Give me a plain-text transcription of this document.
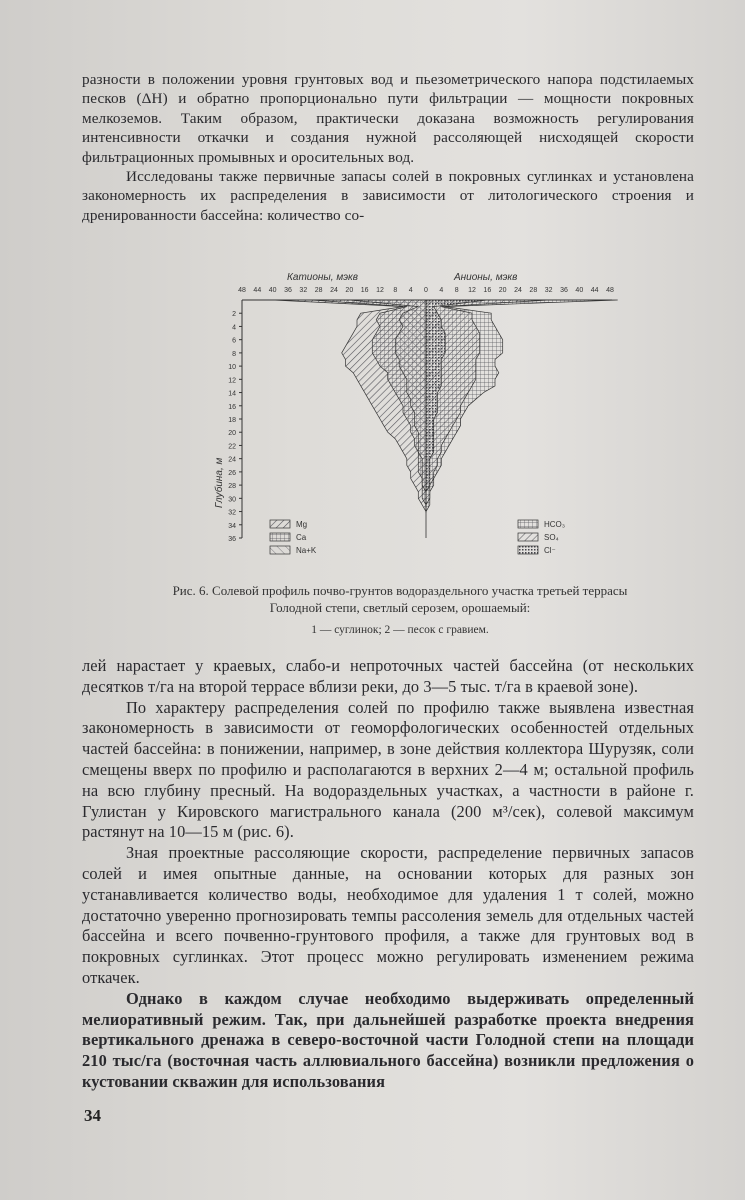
разности в положении уровня грунтовых вод и пьезометрического напора подстилаемых песков (ΔH) и обратно пропорционально пути фильтрации — мощности покровных мелкоземов. Таким образом, практически доказана возможность регулирования интенсивности откачки и создания нужной рассоляющей нисходящей скорости фильтрационных промывных и оросительных вод.

Исследованы также первичные запасы солей в покровных суглинках и установлена закономерность их распределения в зависимости от литологического строения и дренированности бассейна: количество со-

Катионы, мэкв	Анионы, мэкв
Глубина, м
48 44 40 36 32 28 24 20 16 12 8 4 0 4 8 12 16 20 24 28 32 36 40 44 48
2
4
6
8
10
12
14
16
18
20
22
24
26
28
30
32
34
36
Mg
Ca
Na+K
HCO₃
SO₄
Cl⁻
Рис. 6. Солевой профиль почво-грунтов водораздельного участка третьей террасы Голодной степи, светлый серозем, орошаемый:
1 — суглинок; 2 — песок с гравием.

лей нарастает у краевых, слабо-и непроточных частей бассейна (от нескольких десятков т/га на второй террасе вблизи реки, до 3—5 тыс. т/га в краевой зоне).

По характеру распределения солей по профилю также выявлена известная закономерность в зависимости от геоморфологических особенностей отдельных частей бассейна: в понижении, например, в зоне действия коллектора Шурузяк, соли смещены вверх по профилю и располагаются в верхних 2—4 м; остальной профиль на всю глубину пресный. На водораздельных участках, а частности в районе г. Гулистан у Кировского магистрального канала (200 м³/сек), солевой максимум растянут на 10—15 м (рис. 6).

Зная проектные рассоляющие скорости, распределение первичных запасов солей и имея опытные данные, на основании которых для разных зон устанавливается количество воды, необходимое для удаления 1 т солей, можно достаточно уверенно прогнозировать темпы рассоления земель для отдельных частей бассейна и всего почвенно-грунтового профиля, а также для грунтовых вод в покровных суглинках. Этот процесс можно регулировать изменением режима откачек.

Однако в каждом случае необходимо выдерживать определенный мелиоративный режим. Так, при дальнейшей разработке проекта внедрения вертикального дренажа в северо-восточной части Голодной степи на площади 210 тыс/га (восточная часть аллювиального бассейна) возникли предложения о кустовании скважин для использования

34
